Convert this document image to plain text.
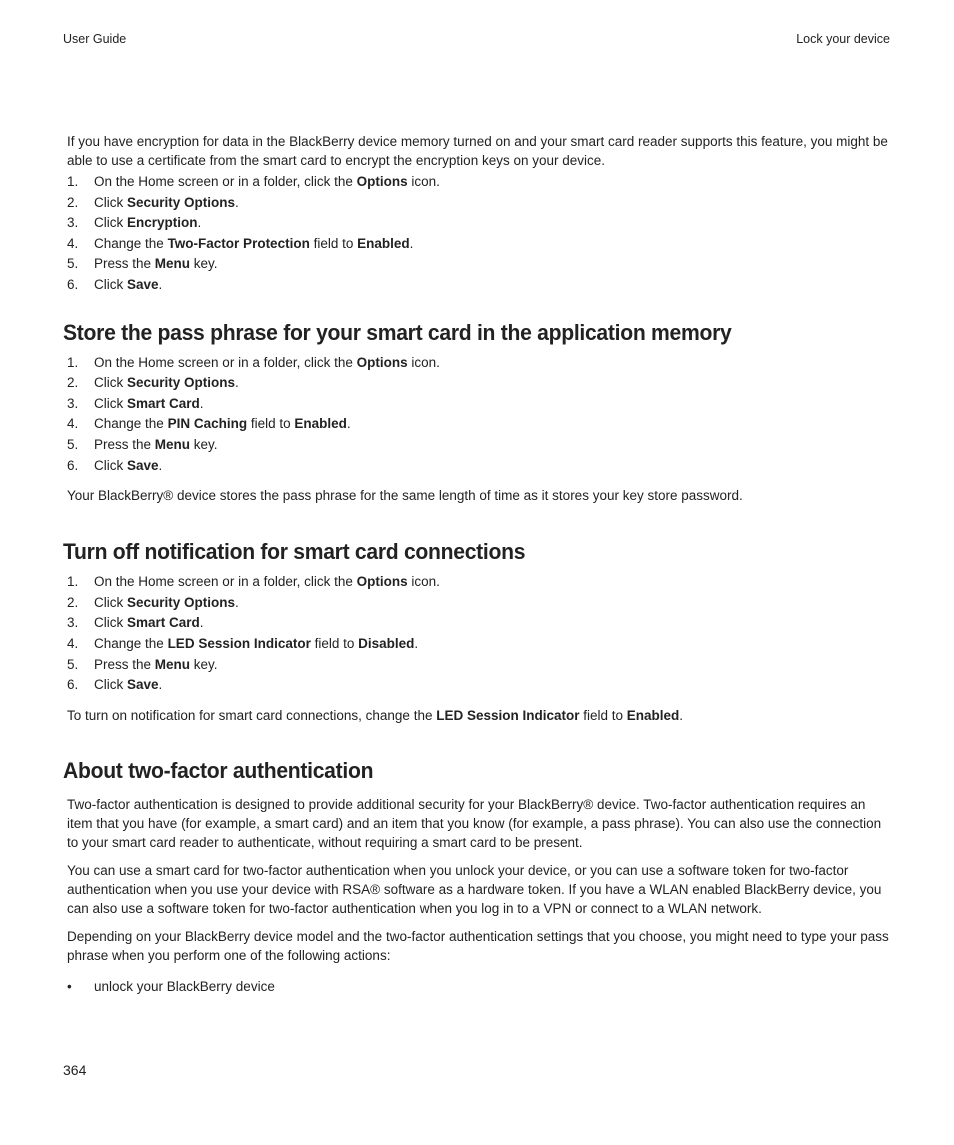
User Guide	Lock your device

If you have encryption for data in the BlackBerry device memory turned on and your smart card reader supports this feature, you might be able to use a certificate from the smart card to encrypt the encryption keys on your device.

1.	On the Home screen or in a folder, click the Options icon.
2.	Click Security Options.
3.	Click Encryption.
4.	Change the Two-Factor Protection field to Enabled.
5.	Press the Menu key.
6.	Click Save.
Store the pass phrase for your smart card in the application memory
1.	On the Home screen or in a folder, click the Options icon.
2.	Click Security Options.
3.	Click Smart Card.
4.	Change the PIN Caching field to Enabled.
5.	Press the Menu key.
6.	Click Save.

Your BlackBerry® device stores the pass phrase for the same length of time as it stores your key store password.

Turn off notification for smart card connections
1.	On the Home screen or in a folder, click the Options icon.
2.	Click Security Options.
3.	Click Smart Card.
4.	Change the LED Session Indicator field to Disabled.
5.	Press the Menu key.
6.	Click Save.

To turn on notification for smart card connections, change the LED Session Indicator field to Enabled.

About two-factor authentication

Two-factor authentication is designed to provide additional security for your BlackBerry® device. Two-factor authentication requires an item that you have (for example, a smart card) and an item that you know (for example, a pass phrase). You can also use the connection to your smart card reader to authenticate, without requiring a smart card to be present.

You can use a smart card for two-factor authentication when you unlock your device, or you can use a software token for two-factor authentication when you use your device with RSA® software as a hardware token. If you have a WLAN enabled BlackBerry device, you can also use a software token for two-factor authentication when you log in to a VPN or connect to a WLAN network.

Depending on your BlackBerry device model and the two-factor authentication settings that you choose, you might need to type your pass phrase when you perform one of the following actions:

•	unlock your BlackBerry device
364
